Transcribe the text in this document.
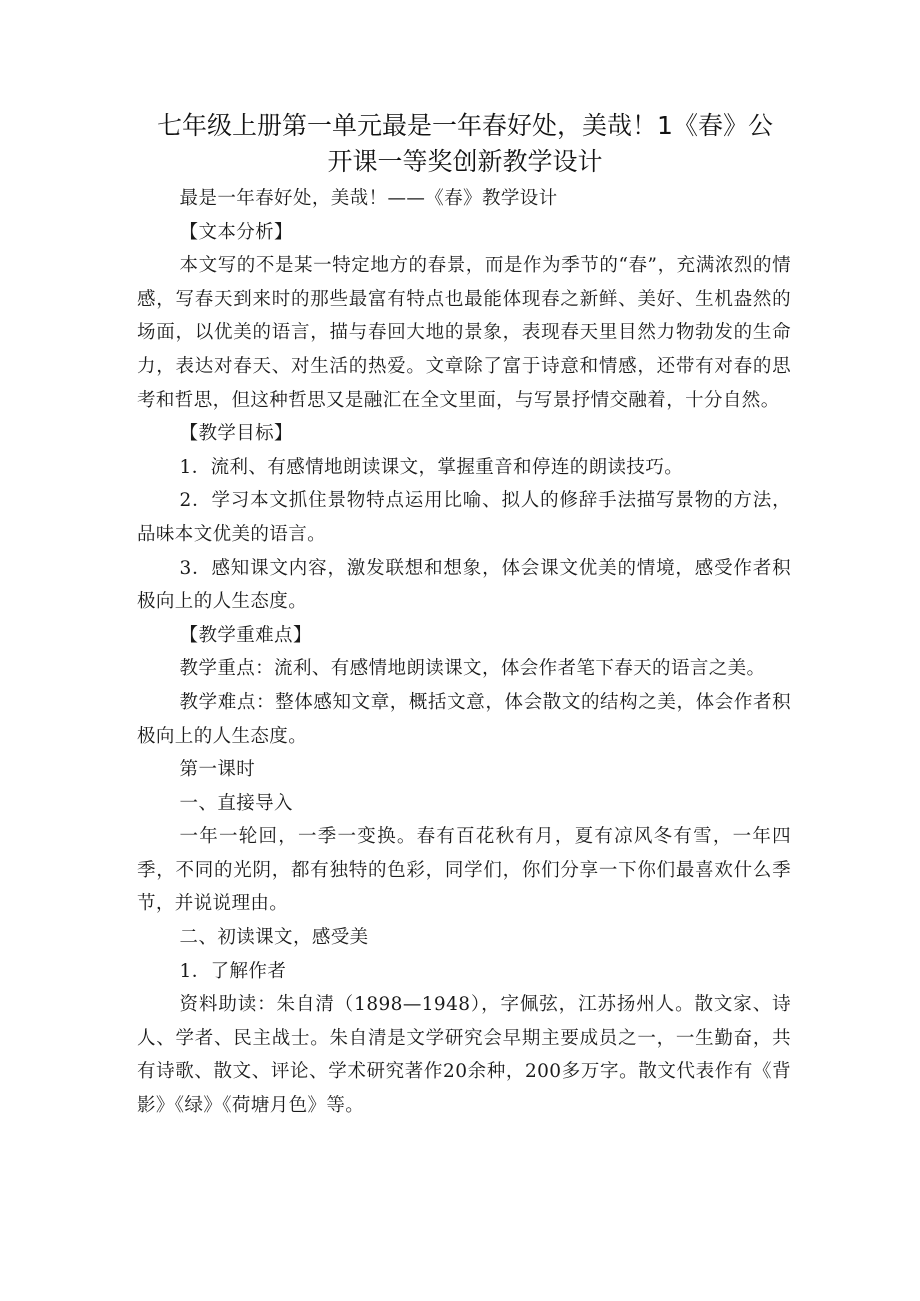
七年级上册第一单元最是一年春好处，美哉！1《春》公
开课一等奖创新教学设计

最是一年春好处，美哉！——《春》教学设计

【文本分析】

本文写的不是某一特定地方的春景，而是作为季节的“春”，充满浓烈的情感，写春天到来时的那些最富有特点也最能体现春之新鲜、美好、生机盎然的场面，以优美的语言，描与春回大地的景象，表现春天里目然力物勃发的生命力，表达对春天、对生活的热爱。文章除了富于诗意和情感，还带有对春的思考和哲思，但这种哲思又是融汇在全文里面，与写景抒情交融着，十分自然。

【教学目标】

1．流利、有感情地朗读课文，掌握重音和停连的朗读技巧。

2．学习本文抓住景物特点运用比喻、拟人的修辞手法描写景物的方法，品味本文优美的语言。

3．感知课文内容，激发联想和想象，体会课文优美的情境，感受作者积极向上的人生态度。

【教学重难点】

教学重点：流利、有感情地朗读课文，体会作者笔下春天的语言之美。

教学难点：整体感知文章，概括文意，体会散文的结构之美，体会作者积极向上的人生态度。

第一课时

一、直接导入

一年一轮回，一季一变换。春有百花秋有月，夏有凉风冬有雪，一年四季，不同的光阴，都有独特的色彩，同学们，你们分享一下你们最喜欢什么季节，并说说理由。

二、初读课文，感受美

1．了解作者

资料助读：朱自清（1898—1948），字佩弦，江苏扬州人。散文家、诗人、学者、民主战士。朱自清是文学研究会早期主要成员之一，一生勤奋，共有诗歌、散文、评论、学术研究著作20余种，200多万字。散文代表作有《背影》《绿》《荷塘月色》等。
